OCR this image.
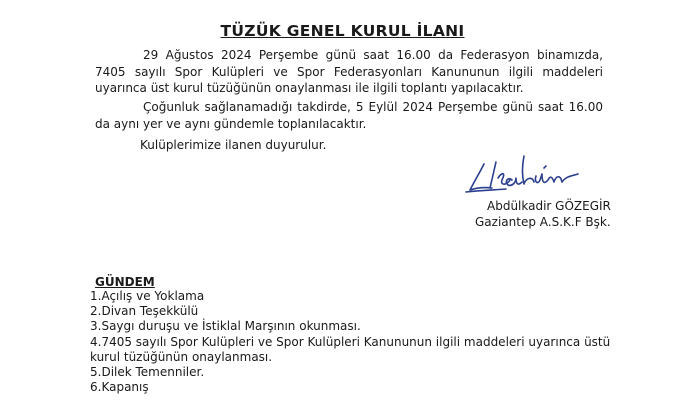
TÜZÜK GENEL KURUL İLANI

29 Ağustos 2024 Perşembe günü saat 16.00 da Federasyon binamızda, 7405 sayılı Spor Kulüpleri ve Spor Federasyonları Kanununun ilgili maddeleri uyarınca üst kurul tüzüğünün onaylanması ile ilgili toplantı yapılacaktır.

Çoğunluk sağlanamadığı takdirde, 5 Eylül 2024 Perşembe günü saat 16.00 da aynı yer ve aynı gündemle toplanılacaktır.

Kulüplerimize ilanen duyurulur.

Abdülkadir GÖZEGİR
Gaziantep A.S.K.F Bşk.
GÜNDEM
1.Açılış ve Yoklama
2.Divan Teşekkülü
3.Saygı duruşu ve İstiklal Marşının okunması.
4.7405 sayılı Spor Kulüpleri ve Spor Kulüpleri Kanununun ilgili maddeleri uyarınca üstü kurul tüzüğünün onaylanması.
5.Dilek Temenniler.
6.Kapanış
